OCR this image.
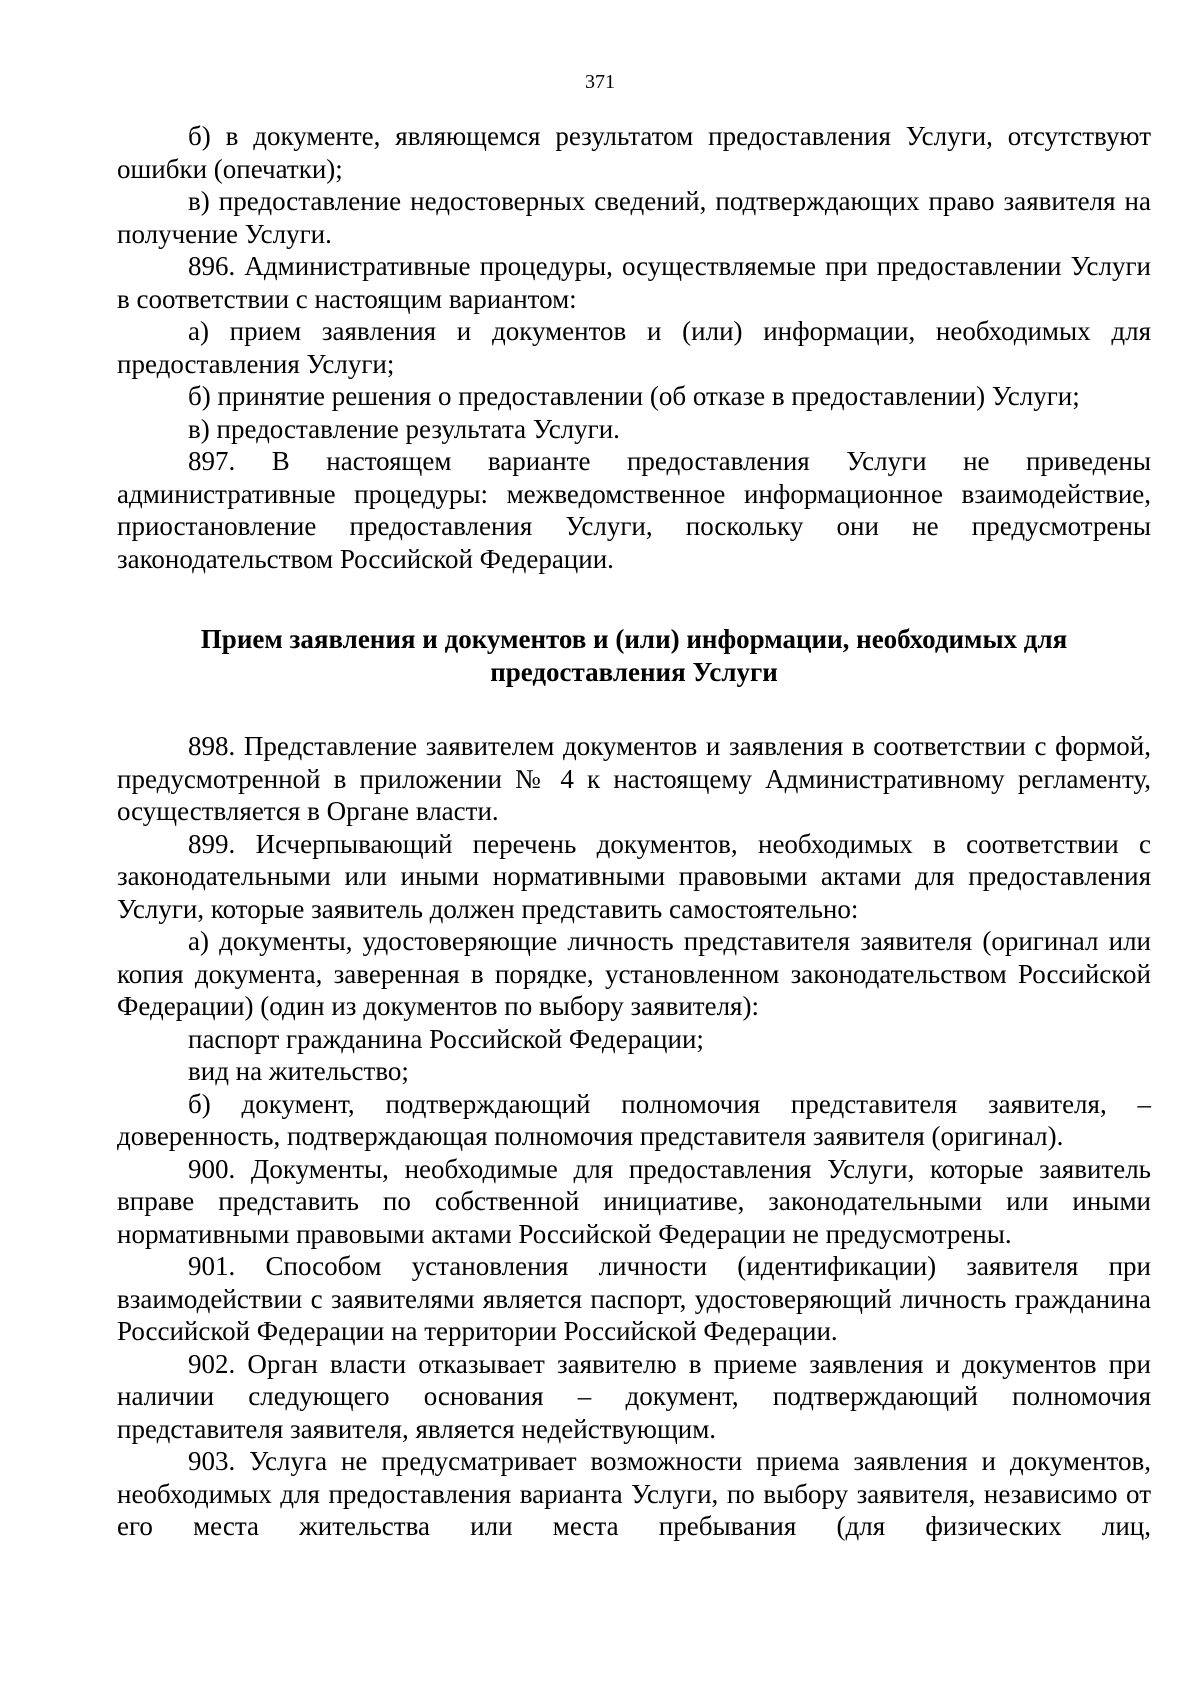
371

б) в документе, являющемся результатом предоставления Услуги, отсутствуют ошибки (опечатки);

в) предоставление недостоверных сведений, подтверждающих право заявителя на получение Услуги.

896. Административные процедуры, осуществляемые при предоставлении Услуги в соответствии с настоящим вариантом:

а) прием заявления и документов и (или) информации, необходимых для предоставления Услуги;

б) принятие решения о предоставлении (об отказе в предоставлении) Услуги;

в) предоставление результата Услуги.

897. В настоящем варианте предоставления Услуги не приведены административные процедуры: межведомственное информационное взаимодействие, приостановление предоставления Услуги, поскольку они не предусмотрены законодательством Российской Федерации.

Прием заявления и документов и (или) информации, необходимых для
предоставления Услуги

898. Представление заявителем документов и заявления в соответствии с формой, предусмотренной в приложении № 4 к настоящему Административному регламенту, осуществляется в Органе власти.

899. Исчерпывающий перечень документов, необходимых в соответствии с законодательными или иными нормативными правовыми актами для предоставления Услуги, которые заявитель должен представить самостоятельно:

а) документы, удостоверяющие личность представителя заявителя (оригинал или копия документа, заверенная в порядке, установленном законодательством Российской Федерации) (один из документов по выбору заявителя):

паспорт гражданина Российской Федерации;

вид на жительство;

б) документ, подтверждающий полномочия представителя заявителя, – доверенность, подтверждающая полномочия представителя заявителя (оригинал).

900. Документы, необходимые для предоставления Услуги, которые заявитель вправе представить по собственной инициативе, законодательными или иными нормативными правовыми актами Российской Федерации не предусмотрены.

901. Способом установления личности (идентификации) заявителя при взаимодействии с заявителями является паспорт, удостоверяющий личность гражданина Российской Федерации на территории Российской Федерации.

902. Орган власти отказывает заявителю в приеме заявления и документов при наличии следующего основания – документ, подтверждающий полномочия представителя заявителя, является недействующим.

903. Услуга не предусматривает возможности приема заявления и документов, необходимых для предоставления варианта Услуги, по выбору заявителя, независимо от его места жительства или места пребывания (для физических лиц,
